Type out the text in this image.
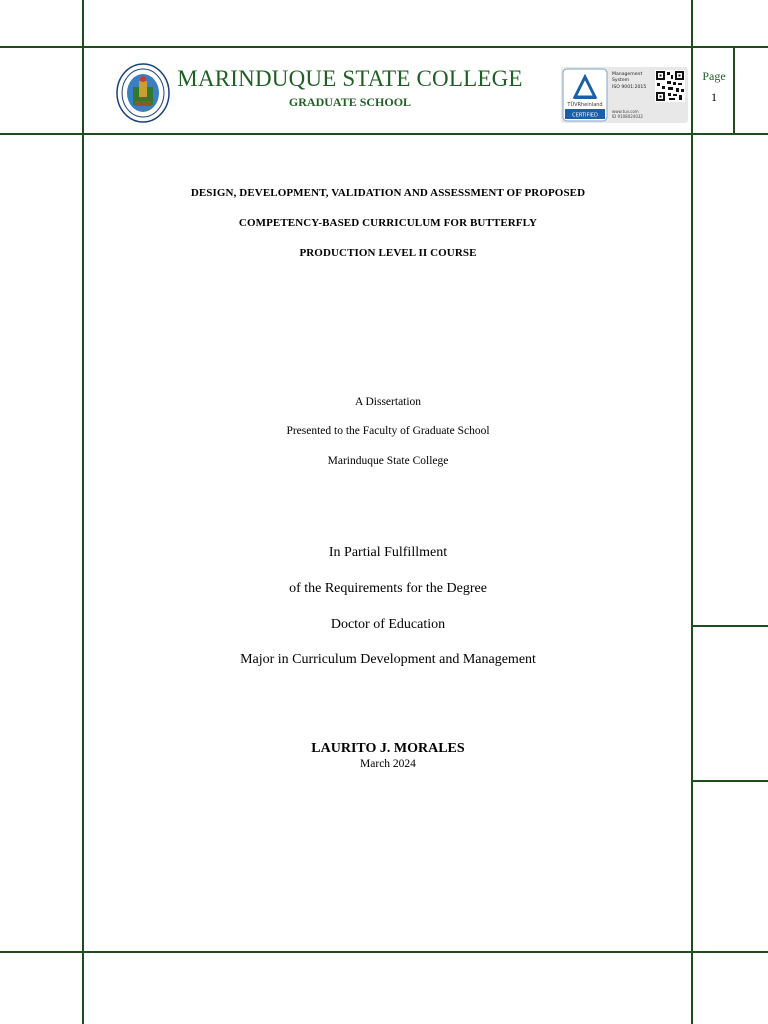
MARINDUQUE STATE COLLEGE
GRADUATE SCHOOL	TÜVRheinland
CERTIFIED
Management
System
ISO 9001:2015
www.tuv.com
ID 9108024032
Page
1
DESIGN, DEVELOPMENT, VALIDATION AND ASSESSMENT OF PROPOSED
COMPETENCY-BASED CURRICULUM FOR BUTTERFLY
PRODUCTION LEVEL II COURSE
A Dissertation
Presented to the Faculty of Graduate School
Marinduque State College
In Partial Fulfillment
of the Requirements for the Degree
Doctor of Education
Major in Curriculum Development and Management
LAURITO J. MORALES
March 2024
